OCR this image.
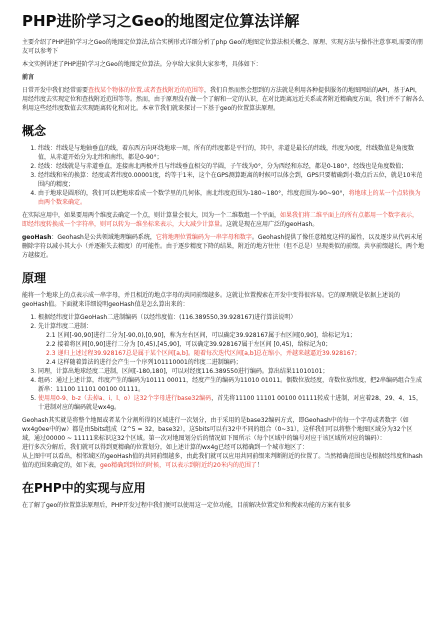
PHP进阶学习之Geo的地图定位算法详解

主要介绍了PHP进阶学习之Geo的地图定位算法,结合实例形式详细分析了php Geo的地图定位算法相关概念、原理、实现方法与操作注意事项,需要的朋友可以参考下

本文实例讲述了PHP进阶学习之Geo的地图定位算法。分享给大家供大家参考，具体如下：

前言

日常开发中我们经常需要查找某个物体的位置,或者查找附近的范围等，我们自然而然会想到的方法就是利用各种提供服务的地图网站的API，基于API，用经纬度去实现定位和查找附近范围等等。然而，由于原理没有做一个了解和一定的认识，在对比距离远近关系或者附近精确度方面，我们并不了解各么利用这些经纬度数值去实现距离转化和对比。本章节我们就来探讨一下基于geo的位置算法原理。

概念
1. 纬线：纬线是与地轴垂直的线，着东西方向环绕地球一周，所有的纬度都是平行的，其中，赤道是最长的纬线，纬度为0度，纬线数值是角度数值，从赤道开始分为北纬和南纬，都是0-90°；
2. 经线：经线就是与赤道垂直，连接南北两极并且与纬线垂直相交的半圆，子午线为0°，分为西经和东经，都是0-180°，经线也是角度数值；
3. 经纬线和米的换算：经度或者纬度0.00001度，约等于1米，这个在GPS测算距离的时候可以体会到，GPS只要精确到小数点后五位，就是10米范围内的精度；
4. 由于地球是圆形的，我们可以把地球看成一个数学里的几何体，南北纬度范围为-180~180°，纬度范围为-90~90°，将地球上的某一个点转换为由两个数来确定。

在实际应用中，如果要用两个维度去确定一个点，则计算量会很大，因为一个二维数组一个平面，如果我们将二维平面上的所有点都用一个数字表示，即经纬度转换成一个字符串，则可以转为一维坐标来表示，大大减少计算量。这就是现在应用广泛的geoHash。

geoHash：Geohash是公共领域地理编码系统，它将地理位置编码为一串字母和数字。Geohash提供了像任意精度这样的属性，以及逐步从代码末尾删除字符以减小其大小（并逐渐失去精度）的可能性。由于逐步精度下降的结果，附近的地方往往（但不总是）呈现类似的前缀。共享前缀越长，两个地方越接近。

原理

能将一个地球上的点表示成一串字母，并且相近的地点字母的共同前缀越多。这就让位置搜索在开发中变得很容易。它的原理就是依据上述说的geoHash值。下面就来详细说明geoHash值是怎么算出来的：

1. 根据经纬度计算GeoHash二进制编码（以经纬度值：(116.389550,39.928167)进行算法说明）
2. 先计算纬度二进制：
2.1 区间[-90,90]进行二分为[-90,0),[0,90]，称为左右区间，可以确定39.928167属于右区间[0,90]，给标记为1；
2.2 接着将区间[0,90]进行二分为 [0,45),[45,90]，可以确定39.928167属于左区间 [0,45)，给标记为0；
2.3 递归上述过程39.928167总是属于某个区间[a,b]。随着每次迭代区间[a,b]总在缩小，并越来越逼近39.928167；
2.4 这样随着算法的进行会产生一个序列101110001的纬度二进制编码；
3. 同理，计算出地球经度二进制，区间[-180,180]，可以对经度116.389550进行编码。算出结果11010101；
4. 组码：通过上述计算，纬度产生的编码为10111 00011，经度产生的编码为11010 01011。偶数位放经度，奇数位放纬度，把2串编码组合生成新串：11100 11101 00100 01111。
5. 使用用0-9、b-z（去掉a、i、l、o）这32个字母进行base32编码，首先将11100 11101 00100 01111转成十进制，对应着28、29、4、15，十进制对应的编码就是wx4g。

Geohash其实就是将整个地图或者某个分割所得的区域进行一次划分，由于采用的是base32编码方式，即Geohash中的每一个字母或者数字（如wx4g0ee中的w）都是由5bits组成（2^5 = 32，base32），这5bits可以有32中不同的组合（0~31），这样我们可以将整个地图区域分为32个区域，通过00000 ~ 11111来标识这32个区域。第一次对地图划分后的情况如下图所示（每个区域中的编号对应于该区域所对应的编码）：
进行多次分解后，我们就可以得到更精确的位置划分，如上述计算的wx4g已经可以精确到一个城市地区了：
从上图中可以看出，相邻域区的geoHash值的共同前缀越多，由此我们就可以应用共同前缀来判断附近的位置了。当然精确范围也是根据经纬度和hash值的范围来确定的，如下表，geo精确到到位的时候，可以表示到附近约20米内的范围了！

在PHP中的实现与应用

在了解了geo的位置算法原理后，PHP开发过程中我们便可以使用这一定位功能，目前解决位置定位和搜索功能的方案有很多
